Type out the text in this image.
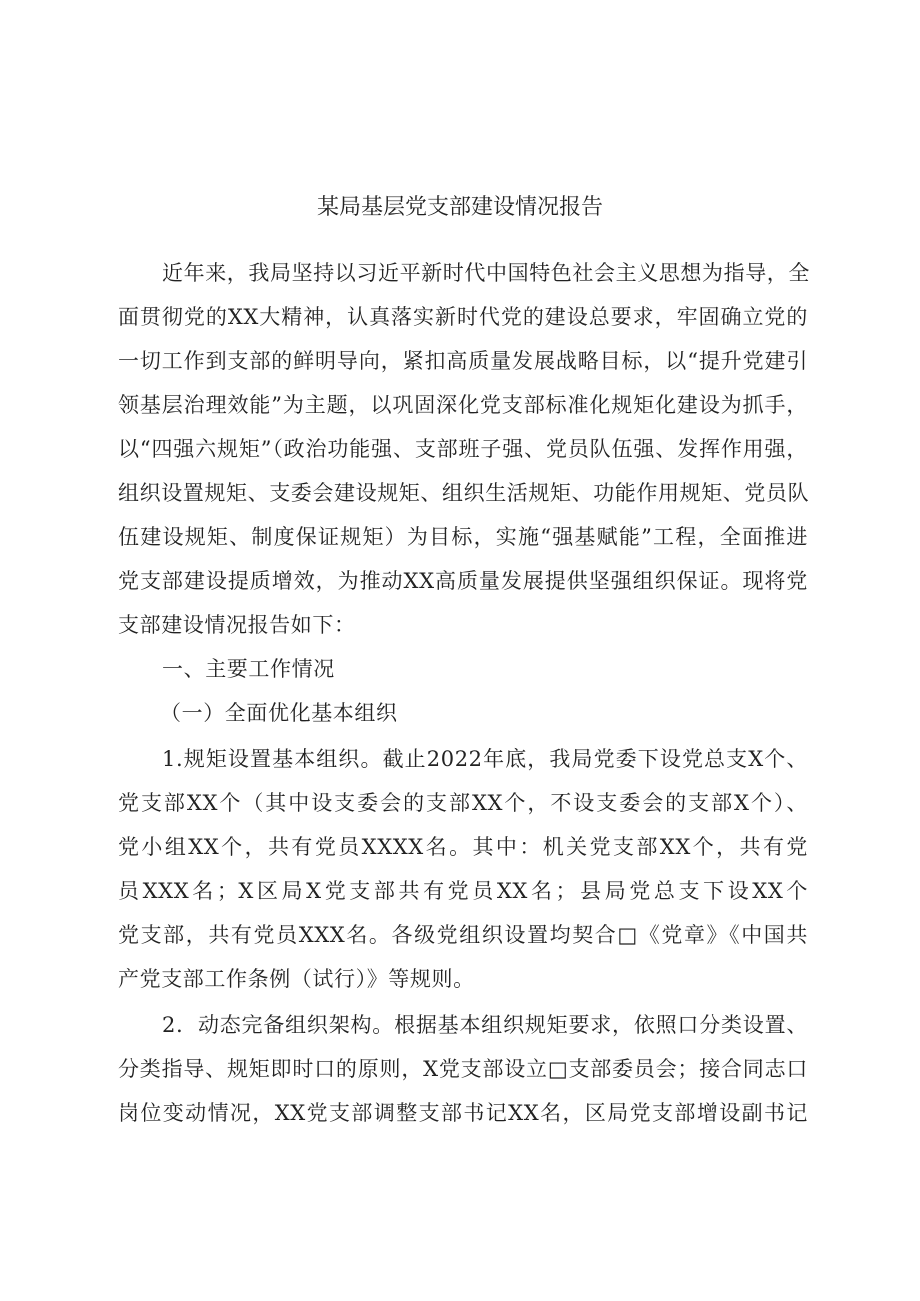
某局基层党支部建设情况报告
近年来，我局坚持以习近平新时代中国特色社会主义思想为指导，全
面贯彻党的XX大精神，认真落实新时代党的建设总要求，牢固确立党的
一切工作到支部的鲜明导向，紧扣高质量发展战略目标，以“提升党建引
领基层治理效能”为主题，以巩固深化党支部标准化规矩化建设为抓手，
以“四强六规矩”（政治功能强、支部班子强、党员队伍强、发挥作用强，
组织设置规矩、支委会建设规矩、组织生活规矩、功能作用规矩、党员队
伍建设规矩、制度保证规矩）为目标，实施“强基赋能”工程，全面推进
党支部建设提质增效，为推动XX高质量发展提供坚强组织保证。现将党
支部建设情况报告如下：
一、主要工作情况
（一）全面优化基本组织
1.规矩设置基本组织。截止2022年底，我局党委下设党总支X个、
党支部XX个（其中设支委会的支部XX个，不设支委会的支部X个）、
党小组XX个，共有党员XXXX名。其中：机关党支部XX个，共有党
员XXX名；X区局X党支部共有党员XX名；县局党总支下设XX个
党支部，共有党员XXX名。各级党组织设置均契合□《党章》《中国共
产党支部工作条例（试行）》等规则。
2．动态完备组织架构。根据基本组织规矩要求，依照口分类设置、
分类指导、规矩即时口的原则，X党支部设立□支部委员会；接合同志口
岗位变动情况，XX党支部调整支部书记XX名，区局党支部增设副书记
